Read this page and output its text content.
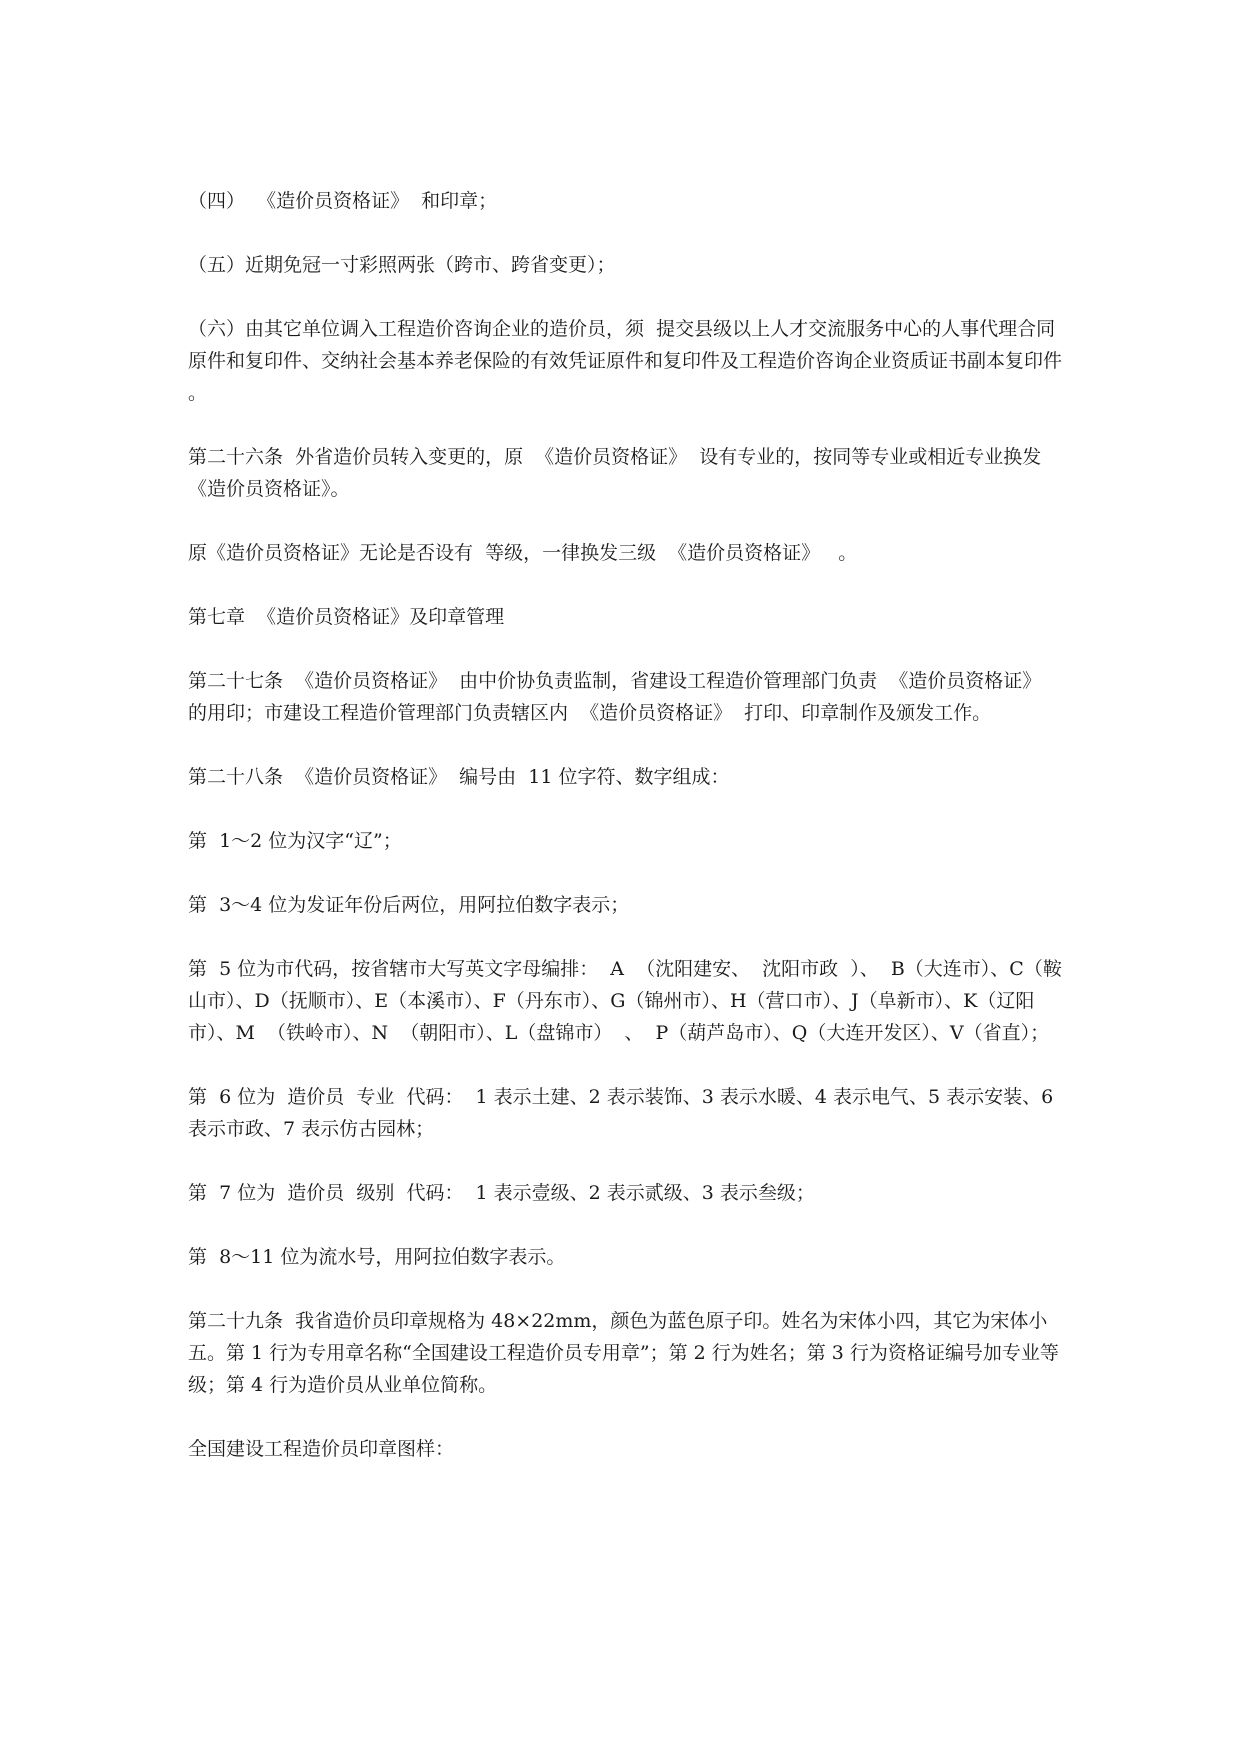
（四）  《造价员资格证》  和印章；

（五）近期免冠一寸彩照两张（跨市、跨省变更）；

（六）由其它单位调入工程造价咨询企业的造价员，须  提交县级以上人才交流服务中心的人事代理合同原件和复印件、交纳社会基本养老保险的有效凭证原件和复印件及工程造价咨询企业资质证书副本复印件  。

第二十六条  外省造价员转入变更的，原  《造价员资格证》  设有专业的，按同等专业或相近专业换发  《造价员资格证》。

原《造价员资格证》无论是否设有  等级，一律换发三级  《造价员资格证》   。

第七章  《造价员资格证》及印章管理

第二十七条  《造价员资格证》  由中价协负责监制，省建设工程造价管理部门负责  《造价员资格证》  的用印；市建设工程造价管理部门负责辖区内  《造价员资格证》  打印、印章制作及颁发工作。

第二十八条  《造价员资格证》  编号由  11 位字符、数字组成：

第  1～2 位为汉字“辽”；

第  3～4 位为发证年份后两位，用阿拉伯数字表示；

第  5 位为市代码，按省辖市大写英文字母编排：  A  （沈阳建安、  沈阳市政  ）、  B（大连市）、C（鞍山市）、D（抚顺市）、E（本溪市）、F（丹东市）、G（锦州市）、H（营口市）、J（阜新市）、K（辽阳市）、M  （铁岭市）、N  （朝阳市）、L（盘锦市）  、  P（葫芦岛市）、Q（大连开发区）、V（省直）；

第  6 位为  造价员  专业  代码：  1 表示土建、2 表示装饰、3 表示水暖、4 表示电气、5 表示安装、6 表示市政、7 表示仿古园林；

第  7 位为  造价员  级别  代码：  1 表示壹级、2 表示贰级、3 表示叁级；

第  8～11 位为流水号，用阿拉伯数字表示。

第二十九条  我省造价员印章规格为 48×22mm，颜色为蓝色原子印。姓名为宋体小四，其它为宋体小五。第 1 行为专用章名称“全国建设工程造价员专用章”；第 2 行为姓名；第 3 行为资格证编号加专业等级；第 4 行为造价员从业单位简称。

全国建设工程造价员印章图样：
